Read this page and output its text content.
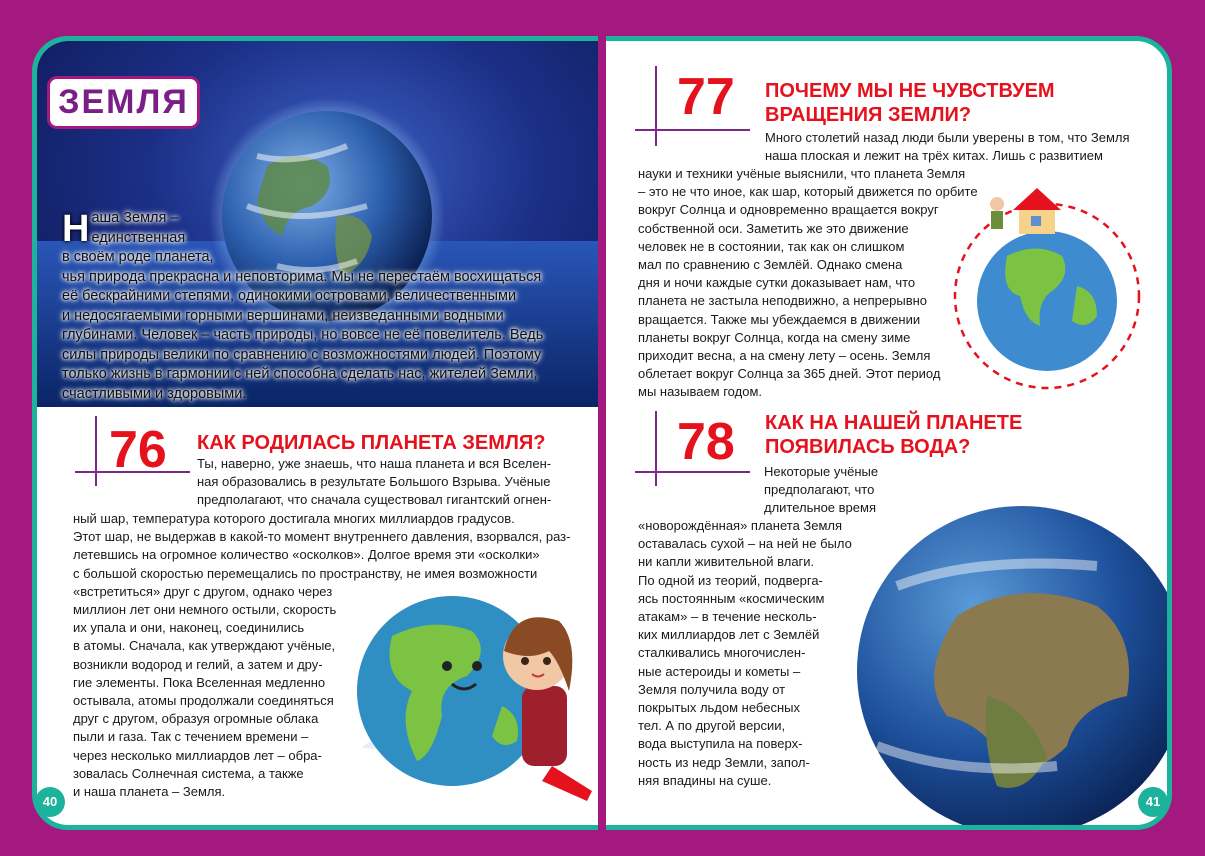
ЗЕМЛЯ

Н аша Земля –
единственная
в своём роде планета,
чья природа прекрасна и неповторима. Мы не перестаём восхищаться
её бескрайними степями, одинокими островами, величественными
и недосягаемыми горными вершинами, неизведанными водными
глубинами. Человек – часть природы, но вовсе не её повелитель. Ведь
силы природы велики по сравнению с возможностями людей. Поэтому
только жизнь в гармонии с ней способна сделать нас, жителей Земли,
счастливыми и здоровыми.

76 КАК РОДИЛАСЬ ПЛАНЕТА ЗЕМЛЯ?
Ты, наверно, уже знаешь, что наша планета и вся Вселен-
ная образовались в результате Большого Взрыва. Учёные
предполагают, что сначала существовал гигантский огнен-
ный шар, температура которого достигала многих миллиардов градусов.
Этот шар, не выдержав в какой-то момент внутреннего давления, взорвался, раз-
летевшись на огромное количество «осколков». Долгое время эти «осколки»
с большой скоростью перемещались по пространству, не имея возможности
«встретиться» друг с другом, однако через
миллион лет они немного остыли, скорость
их упала и они, наконец, соединились
в атомы. Сначала, как утверждают учёные,
возникли водород и гелий, а затем и дру-
гие элементы. Пока Вселенная медленно
остывала, атомы продолжали соединяться
друг с другом, образуя огромные облака
пыли и газа. Так с течением времени –
через несколько миллиардов лет – обра-
зовалась Солнечная система, а также
и наша планета – Земля.
77 ПОЧЕМУ МЫ НЕ ЧУВСТВУЕМ
ВРАЩЕНИЯ ЗЕМЛИ?
Много столетий назад люди были уверены в том, что Земля
наша плоская и лежит на трёх китах. Лишь с развитием
науки и техники учёные выяснили, что планета Земля
– это не что иное, как шар, который движется по орбите
вокруг Солнца и одновременно вращается вокруг
собственной оси. Заметить же это движение
человек не в состоянии, так как он слишком
мал по сравнению с Землёй. Однако смена
дня и ночи каждые сутки доказывает нам, что
планета не застыла неподвижно, а непрерывно
вращается. Также мы убеждаемся в движении
планеты вокруг Солнца, когда на смену зиме
приходит весна, а на смену лету – осень. Земля
облетает вокруг Солнца за 365 дней. Этот период
мы называем годом.
78 КАК НА НАШЕЙ ПЛАНЕТЕ
ПОЯВИЛАСЬ ВОДА?
Некоторые учёные
предполагают, что
длительное время
«новорождённая» планета Земля
оставалась сухой – на ней не было
ни капли живительной влаги.
По одной из теорий, подверга-
ясь постоянным «космическим
атакам» – в течение несколь-
ких миллиардов лет с Землёй
сталкивались многочислен-
ные астероиды и кометы –
Земля получила воду от
покрытых льдом небесных
тел. А по другой версии,
вода выступила на поверх-
ность из недр Земли, запол-
няя впадины на суше.
40	41
